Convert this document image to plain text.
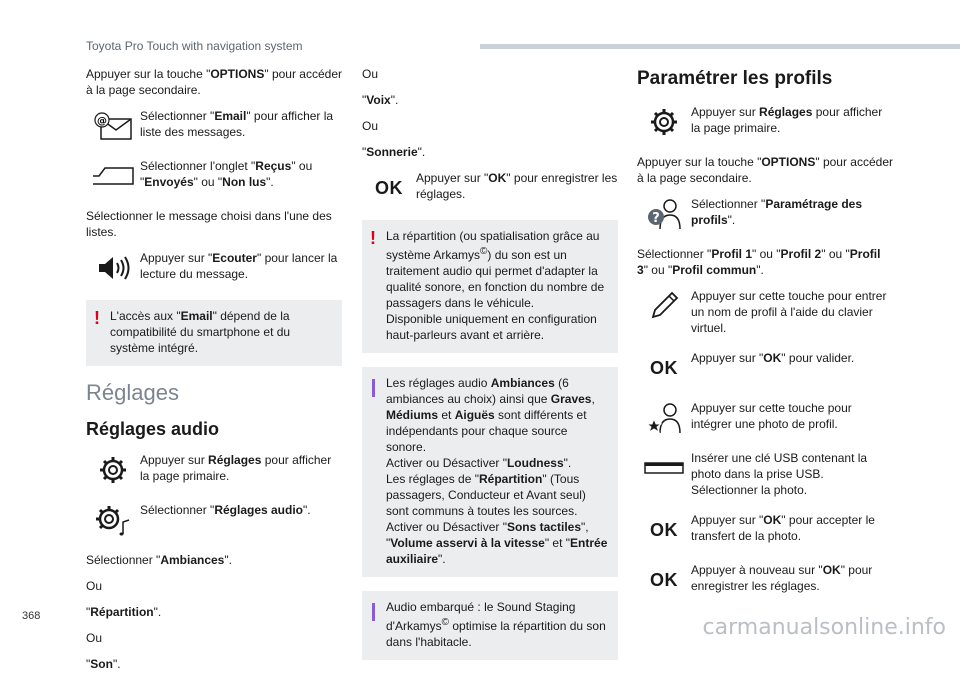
Toyota Pro Touch with navigation system

Appuyer sur la touche "OPTIONS" pour accéder à la page secondaire.

@	Sélectionner "Email" pour afficher la liste des messages.
Sélectionner l'onglet "Reçus" ou "Envoyés" ou "Non lus".

Sélectionner le message choisi dans l'une des listes.

Appuyer sur "Ecouter" pour lancer la lecture du message.
! L'accès aux "Email" dépend de la compatibilité du smartphone et du système intégré.
Réglages
Réglages audio
Appuyer sur Réglages pour afficher la page primaire.
Sélectionner "Réglages audio".

Sélectionner "Ambiances".

Ou

"Répartition".

Ou

"Son".

Ou

"Voix".

Ou

"Sonnerie".

OK Appuyer sur "OK" pour enregistrer les réglages.
! La répartition (ou spatialisation grâce au système Arkamys©) du son est un traitement audio qui permet d'adapter la qualité sonore, en fonction du nombre de passagers dans le véhicule.
Disponible uniquement en configuration haut-parleurs avant et arrière.
Les réglages audio Ambiances (6 ambiances au choix) ainsi que Graves, Médiums et Aiguës sont différents et indépendants pour chaque source sonore.
Activer ou Désactiver "Loudness".
Les réglages de "Répartition" (Tous passagers, Conducteur et Avant seul) sont communs à toutes les sources.
Activer ou Désactiver "Sons tactiles", "Volume asservi à la vitesse" et "Entrée auxiliaire".
Audio embarqué : le Sound Staging d'Arkamys© optimise la répartition du son dans l'habitacle.
Paramétrer les profils
Appuyer sur Réglages pour afficher la page primaire.

Appuyer sur la touche "OPTIONS" pour accéder à la page secondaire.

?
Sélectionner "Paramétrage des profils".

Sélectionner "Profil 1" ou "Profil 2" ou "Profil 3" ou "Profil commun".

Appuyer sur cette touche pour entrer un nom de profil à l'aide du clavier virtuel.
OK Appuyer sur "OK" pour valider.
Appuyer sur cette touche pour intégrer une photo de profil.
Insérer une clé USB contenant la photo dans la prise USB.
Sélectionner la photo.
OK Appuyer sur "OK" pour accepter le transfert de la photo.
OK Appuyer à nouveau sur "OK" pour enregistrer les réglages.
368	carmanualsonline.info
